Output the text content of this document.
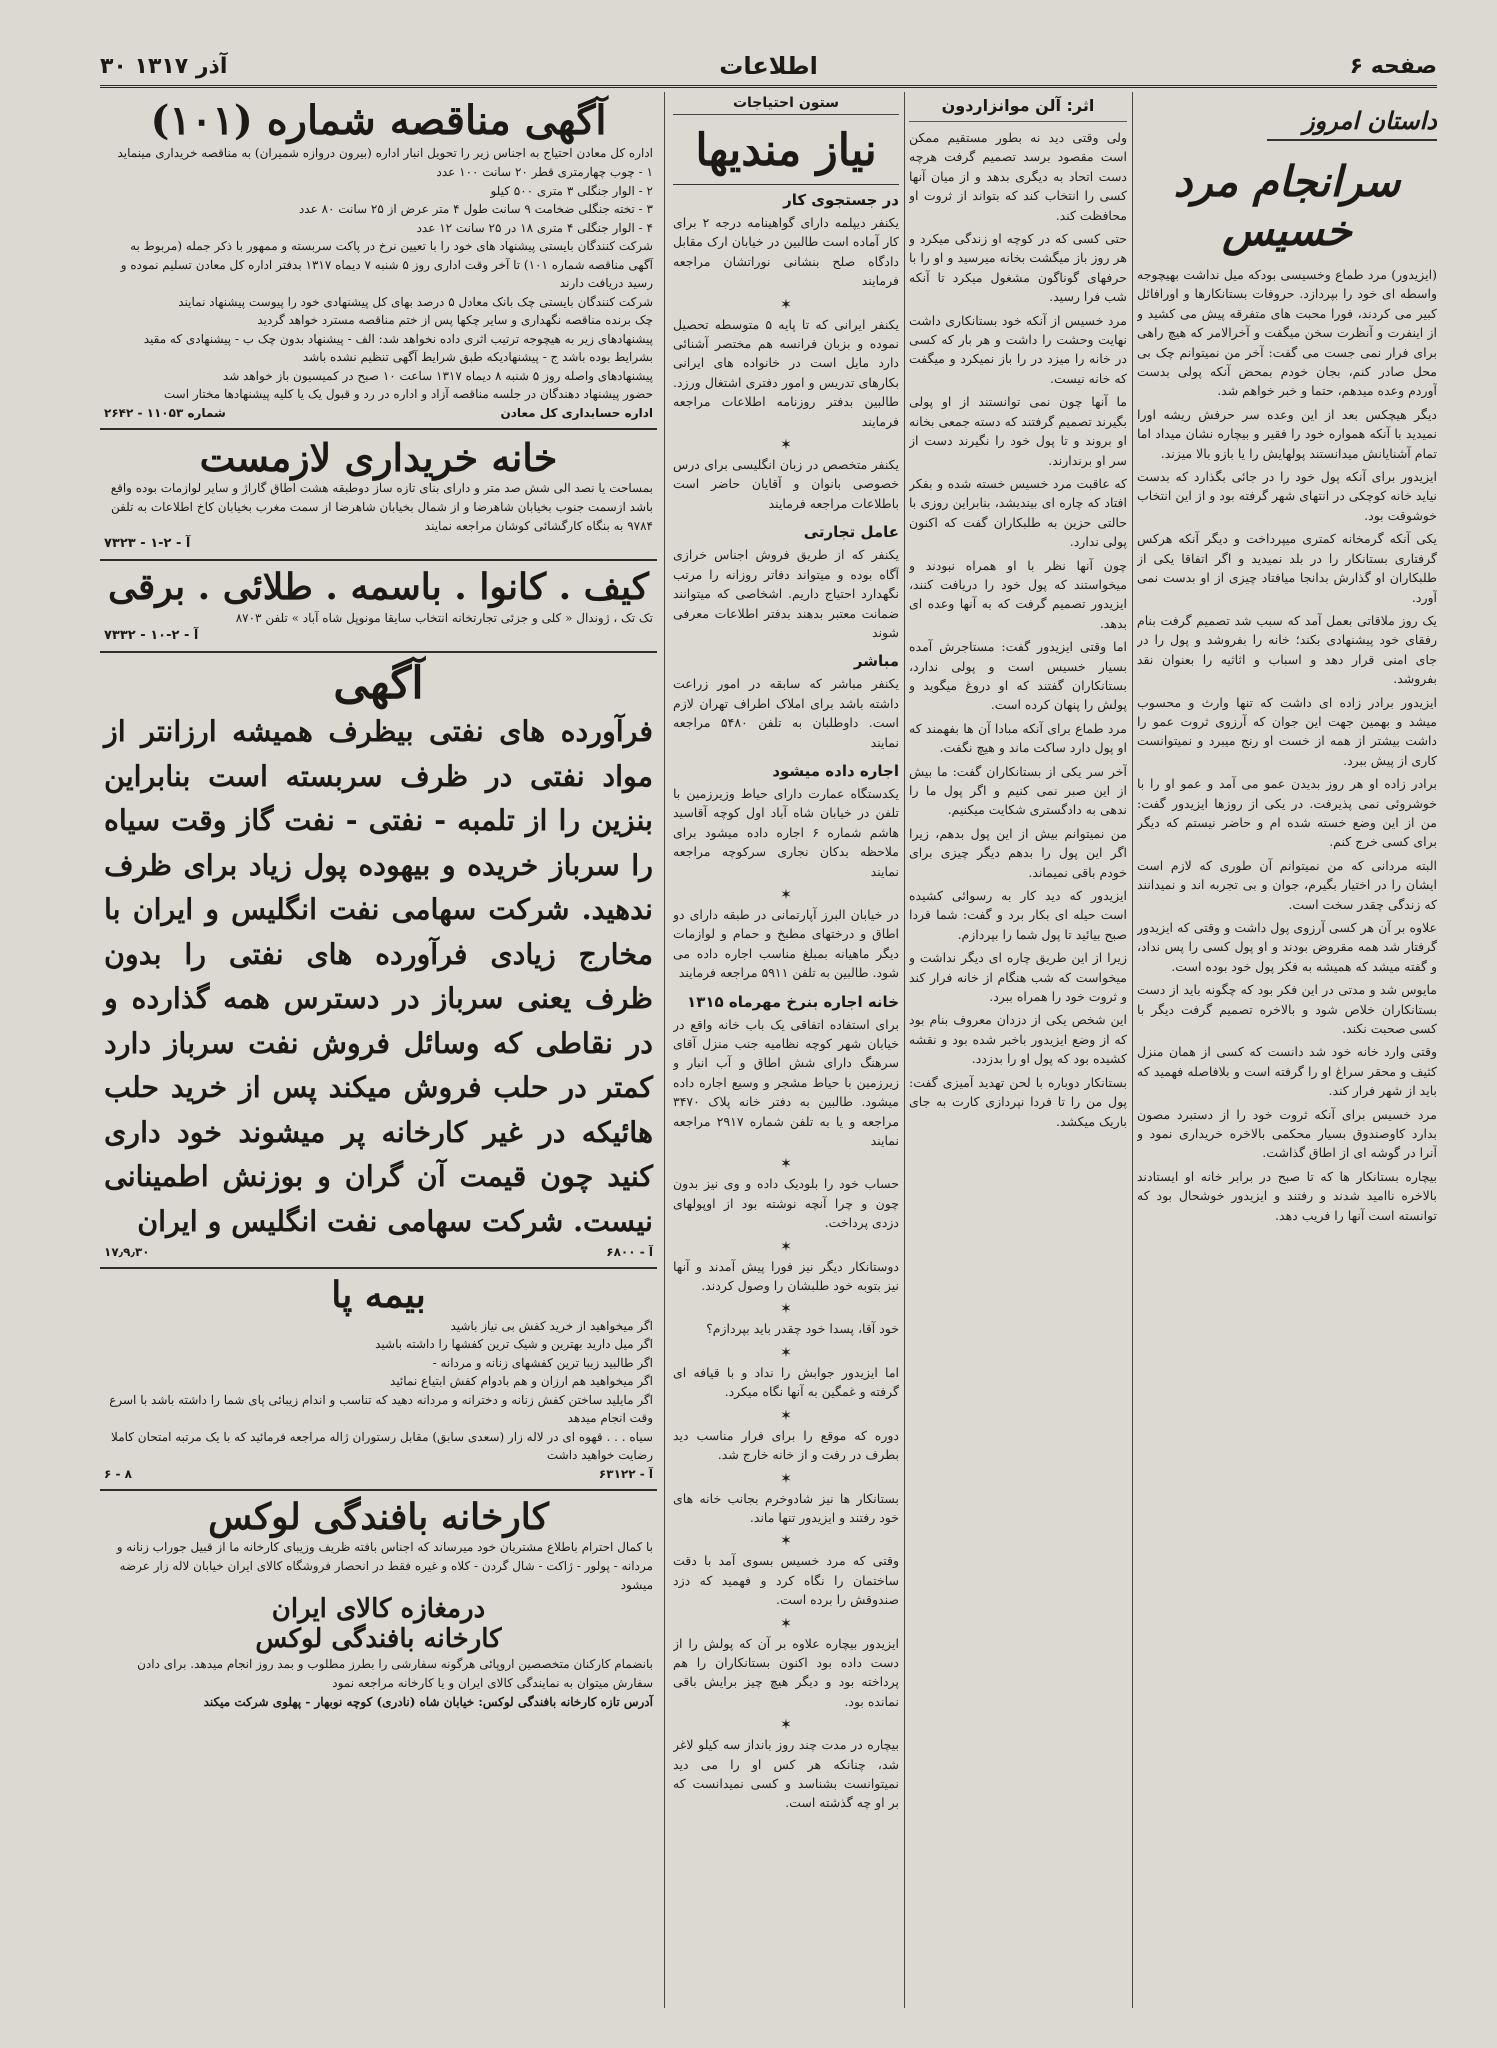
۳۰ آذر ۱۳۱۷	اطلاعات	صفحه ۶
داستان امروز
سرانجام مرد خسیس

(ایزیدور) مرد طماع وخسیسی بودکه میل نداشت بهیچوجه واسطه ای خود را بپردازد. حروفات بستانکارها و اورافائل کبیر می کردند، فورا محبت های متفرقه پیش می کشید و از اینفرت و آنظرت سخن میگفت و آخرالامر که هیچ راهی برای فرار نمی جست می گفت: آخر من نمیتوانم چک بی محل صادر کنم، بجان خودم بمحض آنکه پولی بدست آوردم وعده میدهم، حتما و خبر خواهم شد.

دیگر هیچکس بعد از این وعده سر حرفش ریشه اورا نمیدید با آنکه همواره خود را فقیر و بیچاره نشان میداد اما تمام آشنایانش میدانستند پولهایش را یا بازو بالا میزند.

ایزیدور برای آنکه پول خود را در جائی بگذارد که بدست نیاید خانه کوچکی در انتهای شهر گرفته بود و از این انتخاب خوشوقت بود.

یکی آنکه گرمخانه کمتری میپرداخت و دیگر آنکه هرکس گرفتاری بستانکار را در بلد نمیدید و اگر اتفاقا یکی از طلبکاران او گذارش بدانجا میافتاد چیزی از او بدست نمی آورد.

یک روز ملاقاتی بعمل آمد که سبب شد تصمیم گرفت بنام رفقای خود پیشنهادی بکند؛ خانه را بفروشد و پول را در جای امنی قرار دهد و اسباب و اثاثیه را بعنوان نقد بفروشد.

ایزیدور برادر زاده ای داشت که تنها وارث و محسوب میشد و بهمین جهت این جوان که آرزوی ثروت عمو را داشت بیشتر از همه از خست او رنج میبرد و نمیتوانست کاری از پیش ببرد.

برادر زاده او هر روز بدیدن عمو می آمد و عمو او را با خوشروئی نمی پذیرفت. در یکی از روزها ایزیدور گفت: من از این وضع خسته شده ام و حاضر نیستم که دیگر برای کسی خرج کنم.

البته مردانی که من نمیتوانم آن طوری که لازم است ایشان را در اختیار بگیرم، جوان و بی تجربه اند و نمیدانند که زندگی چقدر سخت است.

علاوه بر آن هر کسی آرزوی پول داشت و وقتی که ایزیدور گرفتار شد همه مقروض بودند و او پول کسی را پس نداد، و گفته میشد که همیشه به فکر پول خود بوده است.

مایوس شد و مدتی در این فکر بود که چگونه باید از دست بستانکاران خلاص شود و بالاخره تصمیم گرفت دیگر با کسی صحبت نکند.

وقتی وارد خانه خود شد دانست که کسی از همان منزل کثیف و محقر سراغ او را گرفته است و بلافاصله فهمید که باید از شهر فرار کند.

مرد خسیس برای آنکه ثروت خود را از دستبرد مصون بدارد کاوصندوق بسیار محکمی بالاخره خریداری نمود و آنرا در گوشه ای از اطاق گذاشت.

بیچاره بستانکار ها که تا صبح در برابر خانه او ایستادند بالاخره ناامید شدند و رفتند و ایزیدور خوشحال بود که توانسته است آنها را فریب دهد.

اثر: آلن موانزاردون

ولی وقتی دید نه بطور مستقیم ممکن است مقصود برسد تصمیم گرفت هرچه دست اتحاد به دیگری بدهد و از میان آنها کسی را انتخاب کند که بتواند از ثروت او محافظت کند.

حتی کسی که در کوچه او زندگی میکرد و هر روز باز میگشت بخانه میرسید و او را با حرفهای گوناگون مشغول میکرد تا آنکه شب فرا رسید.

مرد خسیس از آنکه خود بستانکاری داشت نهایت وحشت را داشت و هر بار که کسی در خانه را میزد در را باز نمیکرد و میگفت که خانه نیست.

ما آنها چون نمی توانستند از او پولی بگیرند تصمیم گرفتند که دسته جمعی بخانه او بروند و تا پول خود را نگیرند دست از سر او برندارند.

که عاقبت مرد خسیس خسته شده و بفکر افتاد که چاره ای بیندیشد، بنابراین روزی با حالتی حزین به طلبکاران گفت که اکنون پولی ندارد.

چون آنها نظر با او همراه نبودند و میخواستند که پول خود را دریافت کنند، ایزیدور تصمیم گرفت که به آنها وعده ای بدهد.

اما وقتی ایزیدور گفت: مستاجرش آمده بسیار خسیس است و پولی ندارد، بستانکاران گفتند که او دروغ میگوید و پولش را پنهان کرده است.

مرد طماع برای آنکه مبادا آن ها بفهمند که او پول دارد ساکت ماند و هیچ نگفت.

آخر سر یکی از بستانکاران گفت: ما بیش از این صبر نمی کنیم و اگر پول ما را ندهی به دادگستری شکایت میکنیم.

من نمیتوانم بیش از این پول بدهم، زیرا اگر این پول را بدهم دیگر چیزی برای خودم باقی نمیماند.

ایزیدور که دید کار به رسوائی کشیده است حیله ای بکار برد و گفت: شما فردا صبح بیائید تا پول شما را بپردازم.

زیرا از این طریق چاره ای دیگر نداشت و میخواست که شب هنگام از خانه فرار کند و ثروت خود را همراه ببرد.

این شخص یکی از دزدان معروف بنام بود که از وضع ایزیدور باخبر شده بود و نقشه کشیده بود که پول او را بدزدد.

بستانکار دوباره با لحن تهدید آمیزی گفت: پول من را تا فردا نپردازی کارت به جای باریک میکشد.

ستون احتیاجات
نیاز مندیها
در جستجوی کار

یکنفر دیپلمه دارای گواهینامه درجه ۲ برای کار آماده است طالبین در خیابان ارک مقابل دادگاه صلح بنشانی نوراتشان مراجعه فرمایند

✶

یکنفر ایرانی که تا پایه ۵ متوسطه تحصیل نموده و بزبان فرانسه هم مختصر آشنائی دارد مایل است در خانواده های ایرانی بکارهای تدریس و امور دفتری اشتغال ورزد. طالبین بدفتر روزنامه اطلاعات مراجعه فرمایند

✶

یکنفر متخصص در زبان انگلیسی برای درس خصوصی بانوان و آقایان حاضر است باطلاعات مراجعه فرمایند

عامل تجارتی

یکنفر که از طریق فروش اجناس خرازی آگاه بوده و میتواند دفاتر روزانه را مرتب نگهدارد احتیاج داریم. اشخاصی که میتوانند ضمانت معتبر بدهند بدفتر اطلاعات معرفی شوند

مباشر

یکنفر مباشر که سابقه در امور زراعت داشته باشد برای املاک اطراف تهران لازم است. داوطلبان به تلفن ۵۴۸۰ مراجعه نمایند

اجاره داده میشود

یکدستگاه عمارت دارای حیاط وزیرزمین با تلفن در خیابان شاه آباد اول کوچه آقاسید هاشم شماره ۶ اجاره داده میشود برای ملاحظه بدکان نجاری سرکوچه مراجعه نمایند

✶

در خیابان البرز آپارتمانی در طبقه دارای دو اطاق و درختهای مطبخ و حمام و لوازمات دیگر ماهیانه بمبلغ مناسب اجاره داده می شود. طالبین به تلفن ۵۹۱۱ مراجعه فرمایند

خانه اجاره بنرخ مهرماه ۱۳۱۵

برای استفاده اتفاقی یک باب خانه واقع در خیابان شهر کوچه نظامیه جنب منزل آقای سرهنگ دارای شش اطاق و آب انبار و زیرزمین با حیاط مشجر و وسیع اجاره داده میشود. طالبین به دفتر خانه پلاک ۳۴۷۰ مراجعه و یا به تلفن شماره ۲۹۱۷ مراجعه نمایند

✶

حساب خود را بلودیک داده و وی نیز بدون چون و چرا آنچه نوشته بود از اوپولهای دزدی پرداخت.

✶

دوستانکار دیگر نیز فورا پیش آمدند و آنها نیز بتوبه خود طلبشان را وصول کردند.

✶

خود آقا، پسدا خود چقدر باید بپردازم؟

✶

اما ایزیدور جوابش را نداد و با قیافه ای گرفته و غمگین به آنها نگاه میکرد.

✶

دوره که موقع را برای فرار مناسب دید بطرف در رفت و از خانه خارج شد.

✶

بستانکار ها نیز شادوخرم بجانب خانه های خود رفتند و ایزیدور تنها ماند.

✶

وقتی که مرد خسیس بسوی آمد با دقت ساختمان را نگاه کرد و فهمید که دزد صندوقش را برده است.

✶

ایزیدور بیچاره علاوه بر آن که پولش را از دست داده بود اکنون بستانکاران را هم پرداخته بود و دیگر هیچ چیز برایش باقی نمانده بود.

✶

بیچاره در مدت چند روز بانداز سه کیلو لاغر شد، چنانکه هر کس او را می دید نمیتوانست بشناسد و کسی نمیدانست که بر او چه گذشته است.

آگهی مناقصه شماره (۱۰۱)
اداره کل معادن احتیاج به اجناس زیر را تحویل انبار اداره (بیرون دروازه شمیران) به مناقصه خریداری مینماید
۱ - چوب چهارمتری قطر ۲۰ سانت ۱۰۰ عدد
۲ - الوار جنگلی ۳ متری ۵۰۰ کیلو
۳ - تخته جنگلی ضخامت ۹ سانت طول ۴ متر عرض از ۲۵ سانت ۸۰ عدد
۴ - الوار جنگلی ۴ متری ۱۸ در ۲۵ سانت ۱۲ عدد
شرکت کنندگان بایستی پیشنهاد های خود را با تعیین نرخ در پاکت سربسته و ممهور با ذکر جمله (مربوط به آگهی مناقصه شماره ۱۰۱) تا آخر وقت اداری روز ۵ شنبه ۷ دیماه ۱۳۱۷ بدفتر اداره کل معادن تسلیم نموده و رسید دریافت دارند
شرکت کنندگان بایستی چک بانک معادل ۵ درصد بهای کل پیشنهادی خود را پیوست پیشنهاد نمایند
چک برنده مناقصه نگهداری و سایر چکها پس از ختم مناقصه مسترد خواهد گردید
پیشنهادهای زیر به هیچوجه ترتیب اثری داده نخواهد شد: الف - پیشنهاد بدون چک ب - پیشنهادی که مقید بشرایط بوده باشد ج - پیشنهادیکه طبق شرایط آگهی تنظیم نشده باشد
پیشنهادهای واصله روز ۵ شنبه ۸ دیماه ۱۳۱۷ ساعت ۱۰ صبح در کمیسیون باز خواهد شد
حضور پیشنهاد دهندگان در جلسه مناقصه آزاد و اداره در رد و قبول یک یا کلیه پیشنهادها مختار است
اداره حسابداری کل معادن
شماره ۱۱۰۵۳ - ۲۶۴۲
خانه خریداری لازمست
بمساحت یا نصد الی شش صد متر و دارای بنای تازه ساز دوطبقه هشت اطاق گاراژ و سایر لوازمات بوده واقع باشد ازسمت جنوب بخیابان شاهرضا و از شمال بخیابان شاهرضا از سمت مغرب بخیابان کاخ اطلاعات به تلفن ۹۷۸۴ به بنگاه کارگشائی کوشان مراجعه نمایند
آ - ۲-۱ - ۷۳۲۳
کیف . کانوا . باسمه . طلائی . برقی
تک تک ، ژوندال « کلی و جزئی تجارتخانه انتخاب سایقا مونوپل شاه آباد » تلفن ۸۷۰۳
آ - ۲-۱۰ - ۷۳۳۲
آگهی
فرآورده های نفتی بیظرف همیشه ارزانتر از مواد نفتی در ظرف سربسته است بنابراین بنزین را از تلمبه - نفتی - نفت گاز وقت سیاه را سرباز خریده و بیهوده پول زیاد برای ظرف ندهید. شرکت سهامی نفت انگلیس و ایران با مخارج زیادی فرآورده های نفتی را بدون ظرف یعنی سرباز در دسترس همه گذارده و در نقاطی که وسائل فروش نفت سرباز دارد کمتر در حلب فروش میکند پس از خرید حلب هائیکه در غیر کارخانه پر میشوند خود داری کنید چون قیمت آن گران و بوزنش اطمینانی نیست. شرکت سهامی نفت انگلیس و ایران
آ - ۶۸۰۰
۱۷٫۹٫۳۰
بیمه پا
اگر میخواهید از خرید کفش بی نیاز باشید
اگر میل دارید بهترین و شیک ترین کفشها را داشته باشید
اگر طالبید زیبا ترین کفشهای زنانه و مردانه -
اگر میخواهید هم ارزان و هم بادوام کفش ابتیاع نمائید
اگر مایلید ساختن کفش زنانه و دخترانه و مردانه دهید که تناسب و اندام زیبائی پای شما را داشته باشد با اسرع وقت انجام میدهد
سیاه . . . قهوه ای در لاله زار (سعدی سابق) مقابل رستوران ژاله مراجعه فرمائید که با یک مرتبه امتحان کاملا رضایت خواهید داشت
آ - ۶۳۱۲۲
۸ - ۶
کارخانه بافندگی لوکس
با کمال احترام باطلاع مشتریان خود میرساند که اجناس بافته ظریف وزیبای کارخانه ما از قبیل جوراب زنانه و مردانه - پولور - ژاکت - شال گردن - کلاه و غیره فقط در انحصار فروشگاه کالای ایران خیابان لاله زار عرضه میشود
درمغازه کالای ایران
کارخانه بافندگی لوکس
بانضمام کارکنان متخصصین اروپائی هرگونه سفارشی را بطرز مطلوب و بمد روز انجام میدهد. برای دادن سفارش میتوان به نمایندگی کالای ایران و یا کارخانه مراجعه نمود
آدرس تازه کارخانه بافندگی لوکس: خیابان شاه (نادری) کوچه نوبهار - پهلوی شرکت میکند
